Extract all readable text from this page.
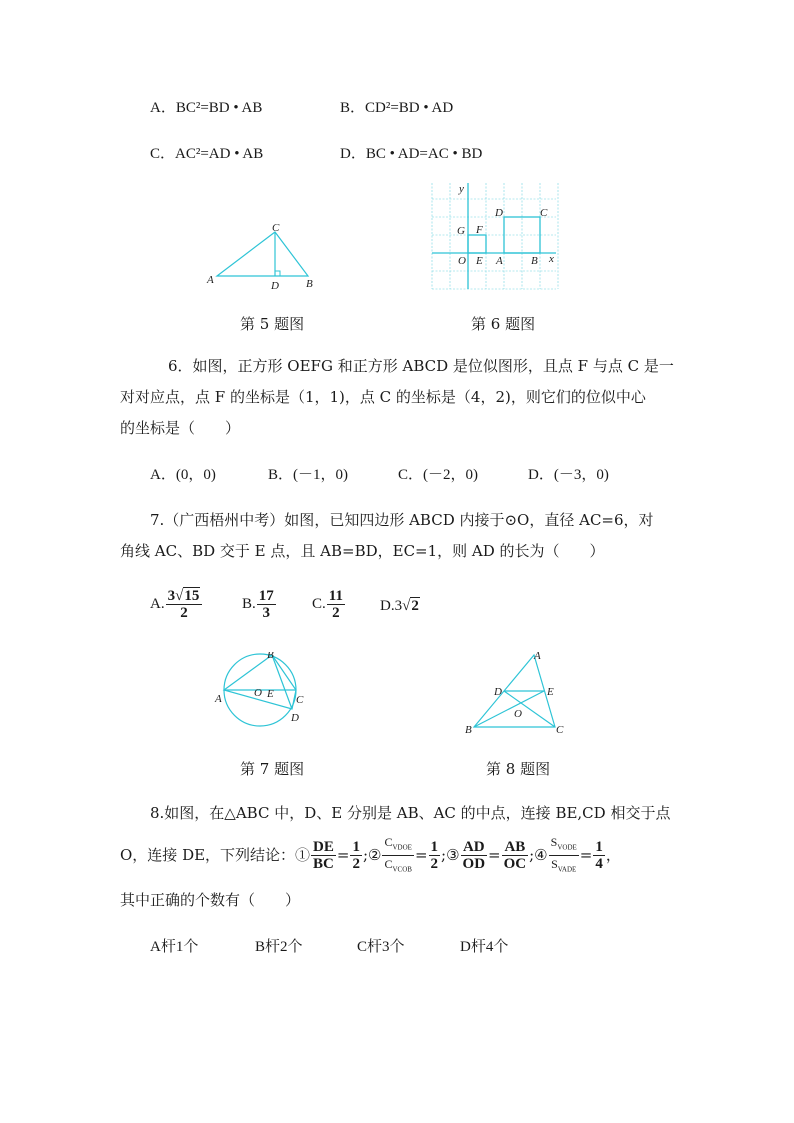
A．BC²=BD • AB	B．CD²=BD • AD
C．AC²=AD • AB	D．BC • AD=AC • BD
C
A	D B
第 5 题图
y
x
O E
G F
D	C
A	B
第 6 题图
6．如图，正方形 OEFG 和正方形 ABCD 是位似图形，且点 F 与点 C 是一
对对应点，点 F 的坐标是（1，1)，点 C 的坐标是（4，2)，则它们的位似中心
的坐标是（　　）
A．(0，0)	B．(－1，0)	C．(－2，0)	D．(－3，0)
7.（广西梧州中考）如图，已知四边形 ABCD 内接于⊙O，直径 AC=6，对
角线 AC、BD 交于 E 点，且 AB=BD，EC=1，则 AD 的长为（　　）
A. $\frac{3√15}{2}$	B. $\frac{17}{3} C$. $\frac{11}{2} D.3√2$
B
A	O E C
D
第 7 题图
A
D	E
O
B	C
第 8 题图
8.如图，在△ABC 中，D、E 分别是 AB、AC 的中点，连接 BE,CD 相交于点
O，连接 DE，下列结论：① $\frac{DE}{BC} = \frac{1}{2}$ ;② $\frac{C_{VDOE}}{C_{VCOB}} = \frac{1}{2}$ ;③ $\frac{AD}{OD} = \frac{AB}{OC}$ ;④ $\frac{S_{VODE}}{S_{VADE}} = \frac{1}{4}$ ，
其中正确的个数有（　　）
A杆1个	B杆2个	C杆3个	D杆4个
